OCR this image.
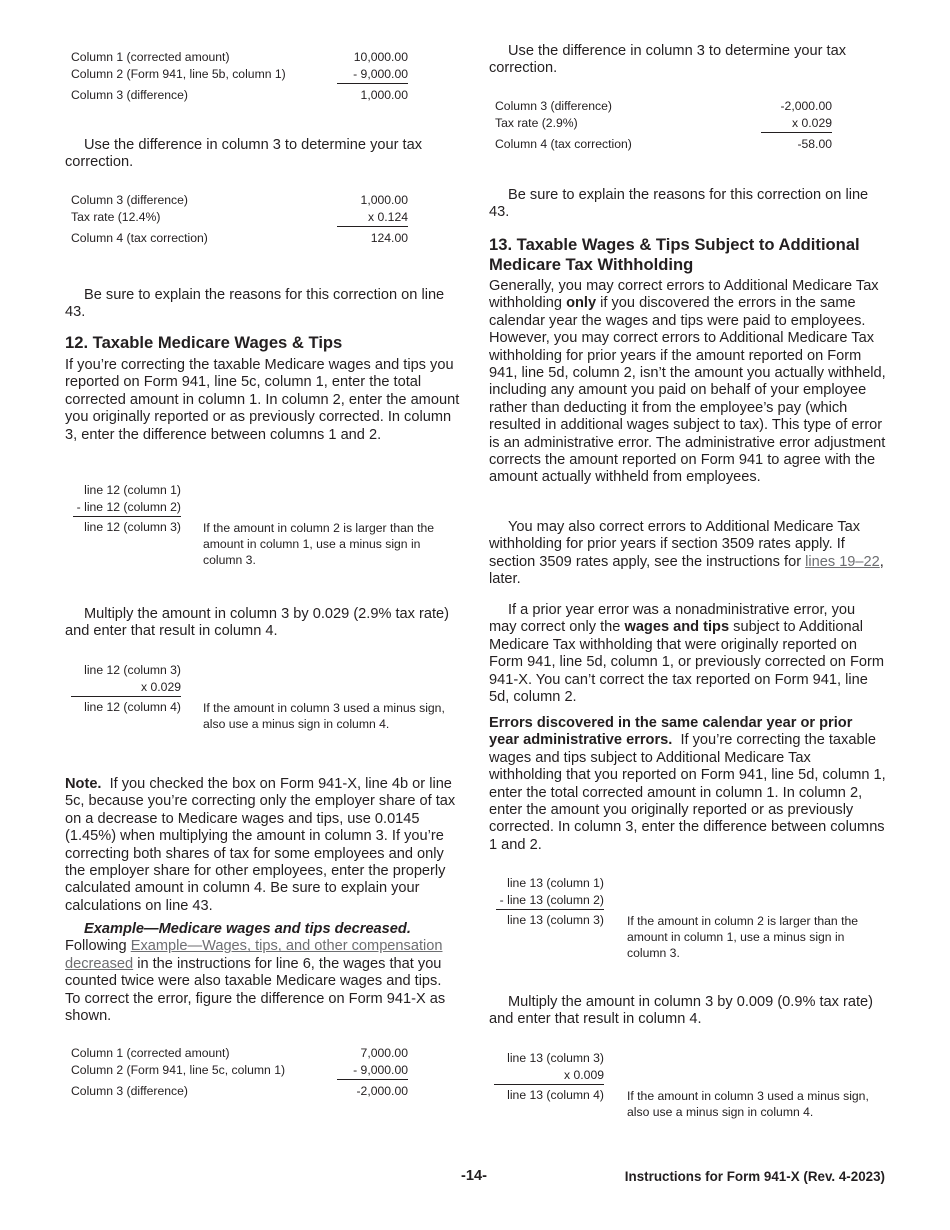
Column 1 (corrected amount)	10,000.00
Column 2 (Form 941, line 5b, column 1)	- 9,000.00
Column 3 (difference)	1,000.00

Use the difference in column 3 to determine your tax correction.

Column 3 (difference)	1,000.00
Tax rate (12.4%)	x 0.124
Column 4 (tax correction)	124.00

Be sure to explain the reasons for this correction on line 43.

12. Taxable Medicare Wages & Tips

If you’re correcting the taxable Medicare wages and tips you reported on Form 941, line 5c, column 1, enter the total corrected amount in column 1. In column 2, enter the amount you originally reported or as previously corrected. In column 3, enter the difference between columns 1 and 2.

line 12 (column 1)
- line 12 (column 2)
line 12 (column 3) If the amount in column 2 is larger than the amount in column 1, use a minus sign in column 3.

Multiply the amount in column 3 by 0.029 (2.9% tax rate) and enter that result in column 4.

line 12 (column 3)
x 0.029
line 12 (column 4) If the amount in column 3 used a minus sign, also use a minus sign in column 4.

Note. If you checked the box on Form 941-X, line 4b or line 5c, because you’re correcting only the employer share of tax on a decrease to Medicare wages and tips, use 0.0145 (1.45%) when multiplying the amount in column 3. If you’re correcting both shares of tax for some employees and only the employer share for other employees, enter the properly calculated amount in column 4. Be sure to explain your calculations on line 43.

Example—Medicare wages and tips decreased. Following Example—Wages, tips, and other compensation decreased in the instructions for line 6, the wages that you counted twice were also taxable Medicare wages and tips. To correct the error, figure the difference on Form 941-X as shown.

Column 1 (corrected amount)	7,000.00
Column 2 (Form 941, line 5c, column 1)	- 9,000.00
Column 3 (difference)	-2,000.00

Use the difference in column 3 to determine your tax correction.

Column 3 (difference)	-2,000.00
Tax rate (2.9%)	x 0.029
Column 4 (tax correction)	-58.00

Be sure to explain the reasons for this correction on line 43.

13. Taxable Wages & Tips Subject to Additional Medicare Tax Withholding

Generally, you may correct errors to Additional Medicare Tax withholding only if you discovered the errors in the same calendar year the wages and tips were paid to employees. However, you may correct errors to Additional Medicare Tax withholding for prior years if the amount reported on Form 941, line 5d, column 2, isn’t the amount you actually withheld, including any amount you paid on behalf of your employee rather than deducting it from the employee’s pay (which resulted in additional wages subject to tax). This type of error is an administrative error. The administrative error adjustment corrects the amount reported on Form 941 to agree with the amount actually withheld from employees.

You may also correct errors to Additional Medicare Tax withholding for prior years if section 3509 rates apply. If section 3509 rates apply, see the instructions for lines 19–22, later.

If a prior year error was a nonadministrative error, you may correct only the wages and tips subject to Additional Medicare Tax withholding that were originally reported on Form 941, line 5d, column 1, or previously corrected on Form 941-X. You can’t correct the tax reported on Form 941, line 5d, column 2.

Errors discovered in the same calendar year or prior year administrative errors. If you’re correcting the taxable wages and tips subject to Additional Medicare Tax withholding that you reported on Form 941, line 5d, column 1, enter the total corrected amount in column 1. In column 2, enter the amount you originally reported or as previously corrected. In column 3, enter the difference between columns 1 and 2.

line 13 (column 1)
- line 13 (column 2)
line 13 (column 3) If the amount in column 2 is larger than the amount in column 1, use a minus sign in column 3.

Multiply the amount in column 3 by 0.009 (0.9% tax rate) and enter that result in column 4.

line 13 (column 3)
x 0.009
line 13 (column 4) If the amount in column 3 used a minus sign, also use a minus sign in column 4.
-14-	Instructions for Form 941-X (Rev. 4-2023)
